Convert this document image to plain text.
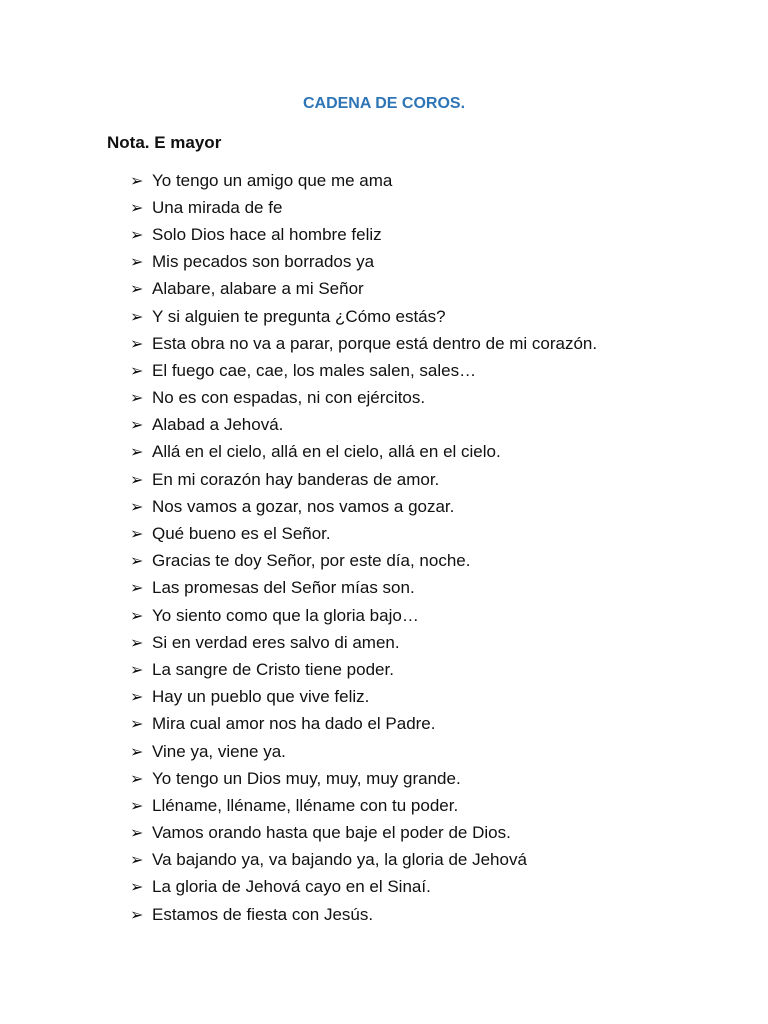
CADENA DE COROS.
Nota. E mayor
➢ Yo tengo un amigo que me ama
➢ Una mirada de fe
➢ Solo Dios hace al hombre feliz
➢ Mis pecados son borrados ya
➢ Alabare, alabare a mi Señor
➢ Y si alguien te pregunta ¿Cómo estás?
➢ Esta obra no va a parar, porque está dentro de mi corazón.
➢ El fuego cae, cae, los males salen, sales…
➢ No es con espadas, ni con ejércitos.
➢ Alabad a Jehová.
➢ Allá en el cielo, allá en el cielo, allá en el cielo.
➢ En mi corazón hay banderas de amor.
➢ Nos vamos a gozar, nos vamos a gozar.
➢ Qué bueno es el Señor.
➢ Gracias te doy Señor, por este día, noche.
➢ Las promesas del Señor mías son.
➢ Yo siento como que la gloria bajo…
➢ Si en verdad eres salvo di amen.
➢ La sangre de Cristo tiene poder.
➢ Hay un pueblo que vive feliz.
➢ Mira cual amor nos ha dado el Padre.
➢ Vine ya, viene ya.
➢ Yo tengo un Dios muy, muy, muy grande.
➢ Lléname, lléname, lléname con tu poder.
➢ Vamos orando hasta que baje el poder de Dios.
➢ Va bajando ya, va bajando ya, la gloria de Jehová
➢ La gloria de Jehová cayo en el Sinaí.
➢ Estamos de fiesta con Jesús.
